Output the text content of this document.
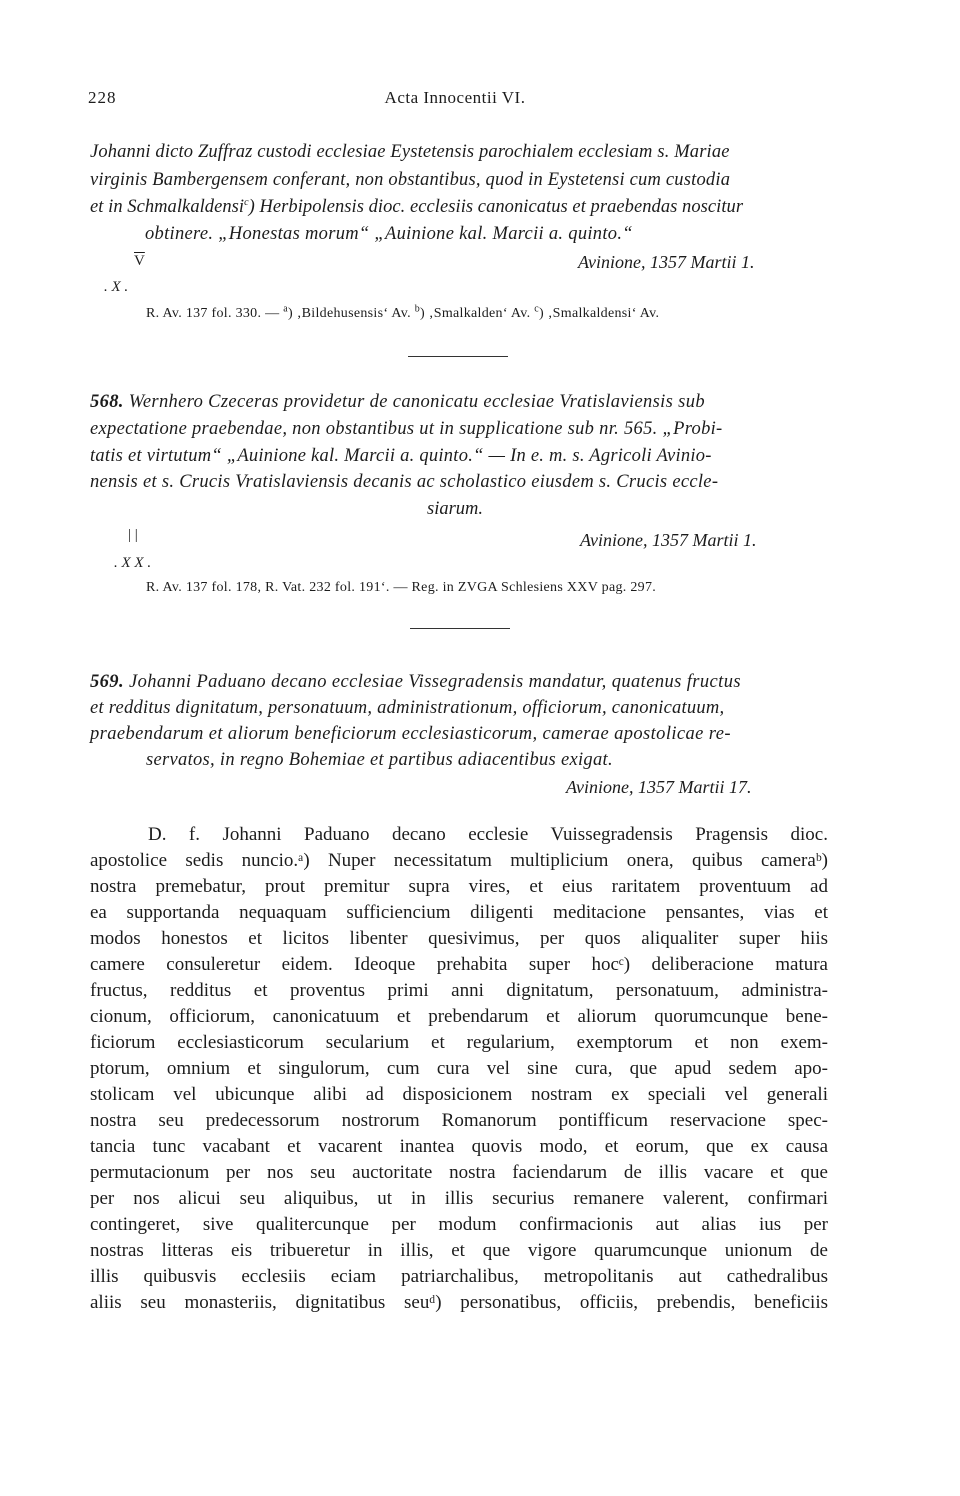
228	Acta Innocentii VI.
Johanni dicto Zuffraz custodi ecclesiae Eystetensis parochialem ecclesiam s. Mariae
virginis Bambergensem conferant, non obstantibus, quod in Eystetensi cum custodia
et in Schmalkaldensi$^c$) Herbipolensis dioc. ecclesiis canonicatus et praebendas noscitur
obtinere. „Honestas morum“ „Auinione kal. Marcii a. quinto.“
$\overline{V}$
. X .
Avinione, 1357 Martii 1.
R. Av. 137 fol. 330. — $^a$) ‚Bildehusensis‘ Av. $^b$) ‚Smalkalden‘ Av. $^c$) ‚Smalkaldensi‘ Av.
568. Wernhero Czeceras providetur de canonicatu ecclesiae Vratislaviensis sub
expectatione praebendae, non obstantibus ut in supplicatione sub nr. 565. „Probi-
tatis et virtutum“ „Auinione kal. Marcii a. quinto.“ — In e. m. s. Agricoli Avinio-
nensis et s. Crucis Vratislaviensis decanis ac scholastico eiusdem s. Crucis eccle-
siarum.
| |
. X X .
Avinione, 1357 Martii 1.
R. Av. 137 fol. 178, R. Vat. 232 fol. 191‘. — Reg. in ZVGA Schlesiens XXV pag. 297.
569. Johanni Paduano decano ecclesiae Vissegradensis mandatur, quatenus fructus
et redditus dignitatum, personatuum, administrationum, officiorum, canonicatuum,
praebendarum et aliorum beneficiorum ecclesiasticorum, camerae apostolicae re-
servatos, in regno Bohemiae et partibus adiacentibus exigat.
Avinione, 1357 Martii 17.
D. f. Johanni Paduano decano ecclesie Vuissegradensis Pragensis dioc.
apostolice sedis nuncio.ᵃ) Nuper necessitatum multiplicium onera, quibus cameraᵇ)
nostra premebatur, prout premitur supra vires, et eius raritatem proventuum ad
ea supportanda nequaquam sufficiencium diligenti meditacione pensantes, vias et
modos honestos et licitos libenter quesivimus, per quos aliqualiter super hiis
camere consuleretur eidem. Ideoque prehabita super hocᶜ) deliberacione matura
fructus, redditus et proventus primi anni dignitatum, personatuum, administra-
cionum, officiorum, canonicatuum et prebendarum et aliorum quorumcunque bene-
ficiorum ecclesiasticorum secularium et regularium, exemptorum et non exem-
ptorum, omnium et singulorum, cum cura vel sine cura, que apud sedem apo-
stolicam vel ubicunque alibi ad disposicionem nostram ex speciali vel generali
nostra seu predecessorum nostrorum Romanorum pontifficum reservacione spec-
tancia tunc vacabant et vacarent inantea quovis modo, et eorum, que ex causa
permutacionum per nos seu auctoritate nostra faciendarum de illis vacare et que
per nos alicui seu aliquibus, ut in illis securius remanere valerent, confirmari
contingeret, sive qualitercunque per modum confirmacionis aut alias ius per
nostras litteras eis tribueretur in illis, et que vigore quarumcunque unionum de
illis quibusvis ecclesiis eciam patriarchalibus, metropolitanis aut cathedralibus
aliis seu monasteriis, dignitatibus seuᵈ) personatibus, officiis, prebendis, beneficiis
